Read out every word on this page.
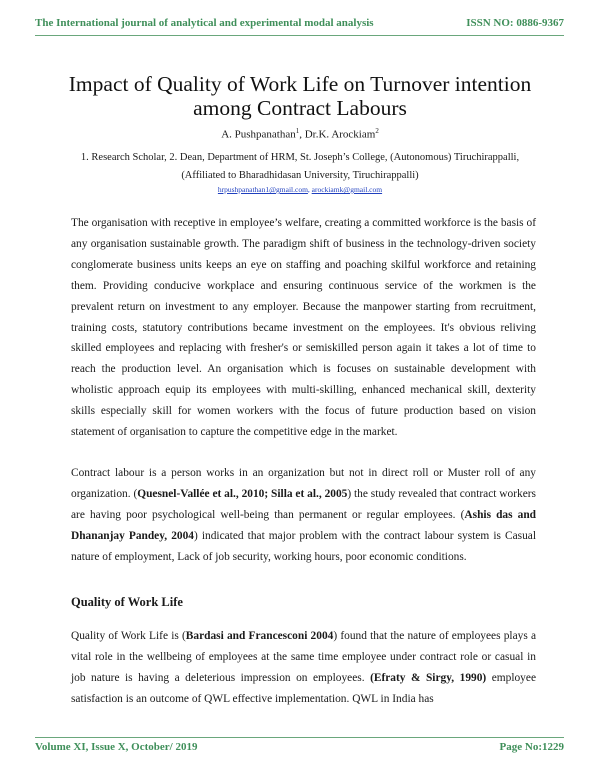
The International journal of analytical and experimental modal analysis	ISSN NO: 0886-9367
Impact of Quality of Work Life on Turnover intention among Contract Labours
A. Pushpanathan$^1$, Dr.K. Arockiam$^2$
1. Research Scholar, 2. Dean, Department of HRM, St. Joseph’s College, (Autonomous) Tiruchirappalli,
(Affiliated to Bharadhidasan University, Tiruchirappalli)
hrpushpanathan1@gmail.com, arockiamk@gmail.com
The organisation with receptive in employee’s welfare, creating a committed workforce is the basis of any organisation sustainable growth. The paradigm shift of business in the technology-driven society conglomerate business units keeps an eye on staffing and poaching skilful workforce and retaining them. Providing conducive workplace and ensuring continuous service of the workmen is the prevalent return on investment to any employer. Because the manpower starting from recruitment, training costs, statutory contributions became investment on the employees. It's obvious reliving skilled employees and replacing with fresher's or semiskilled person again it takes a lot of time to reach the production level. An organisation which is focuses on sustainable development with wholistic approach equip its employees with multi-skilling, enhanced mechanical skill, dexterity skills especially skill for women workers with the focus of future production based on vision statement of organisation to capture the competitive edge in the market.
Contract labour is a person works in an organization but not in direct roll or Muster roll of any organization. (Quesnel-Vallée et al., 2010; Silla et al., 2005) the study revealed that contract workers are having poor psychological well-being than permanent or regular employees. (Ashis das and Dhananjay Pandey, 2004) indicated that major problem with the contract labour system is Casual nature of employment, Lack of job security, working hours, poor economic conditions.
Quality of Work Life
Quality of Work Life is (Bardasi and Francesconi 2004) found that the nature of employees plays a vital role in the wellbeing of employees at the same time employee under contract role or casual in job nature is having a deleterious impression on employees. (Efraty & Sirgy, 1990) employee satisfaction is an outcome of QWL effective implementation. QWL in India has
Volume XI, Issue X, October/ 2019	Page No:1229
